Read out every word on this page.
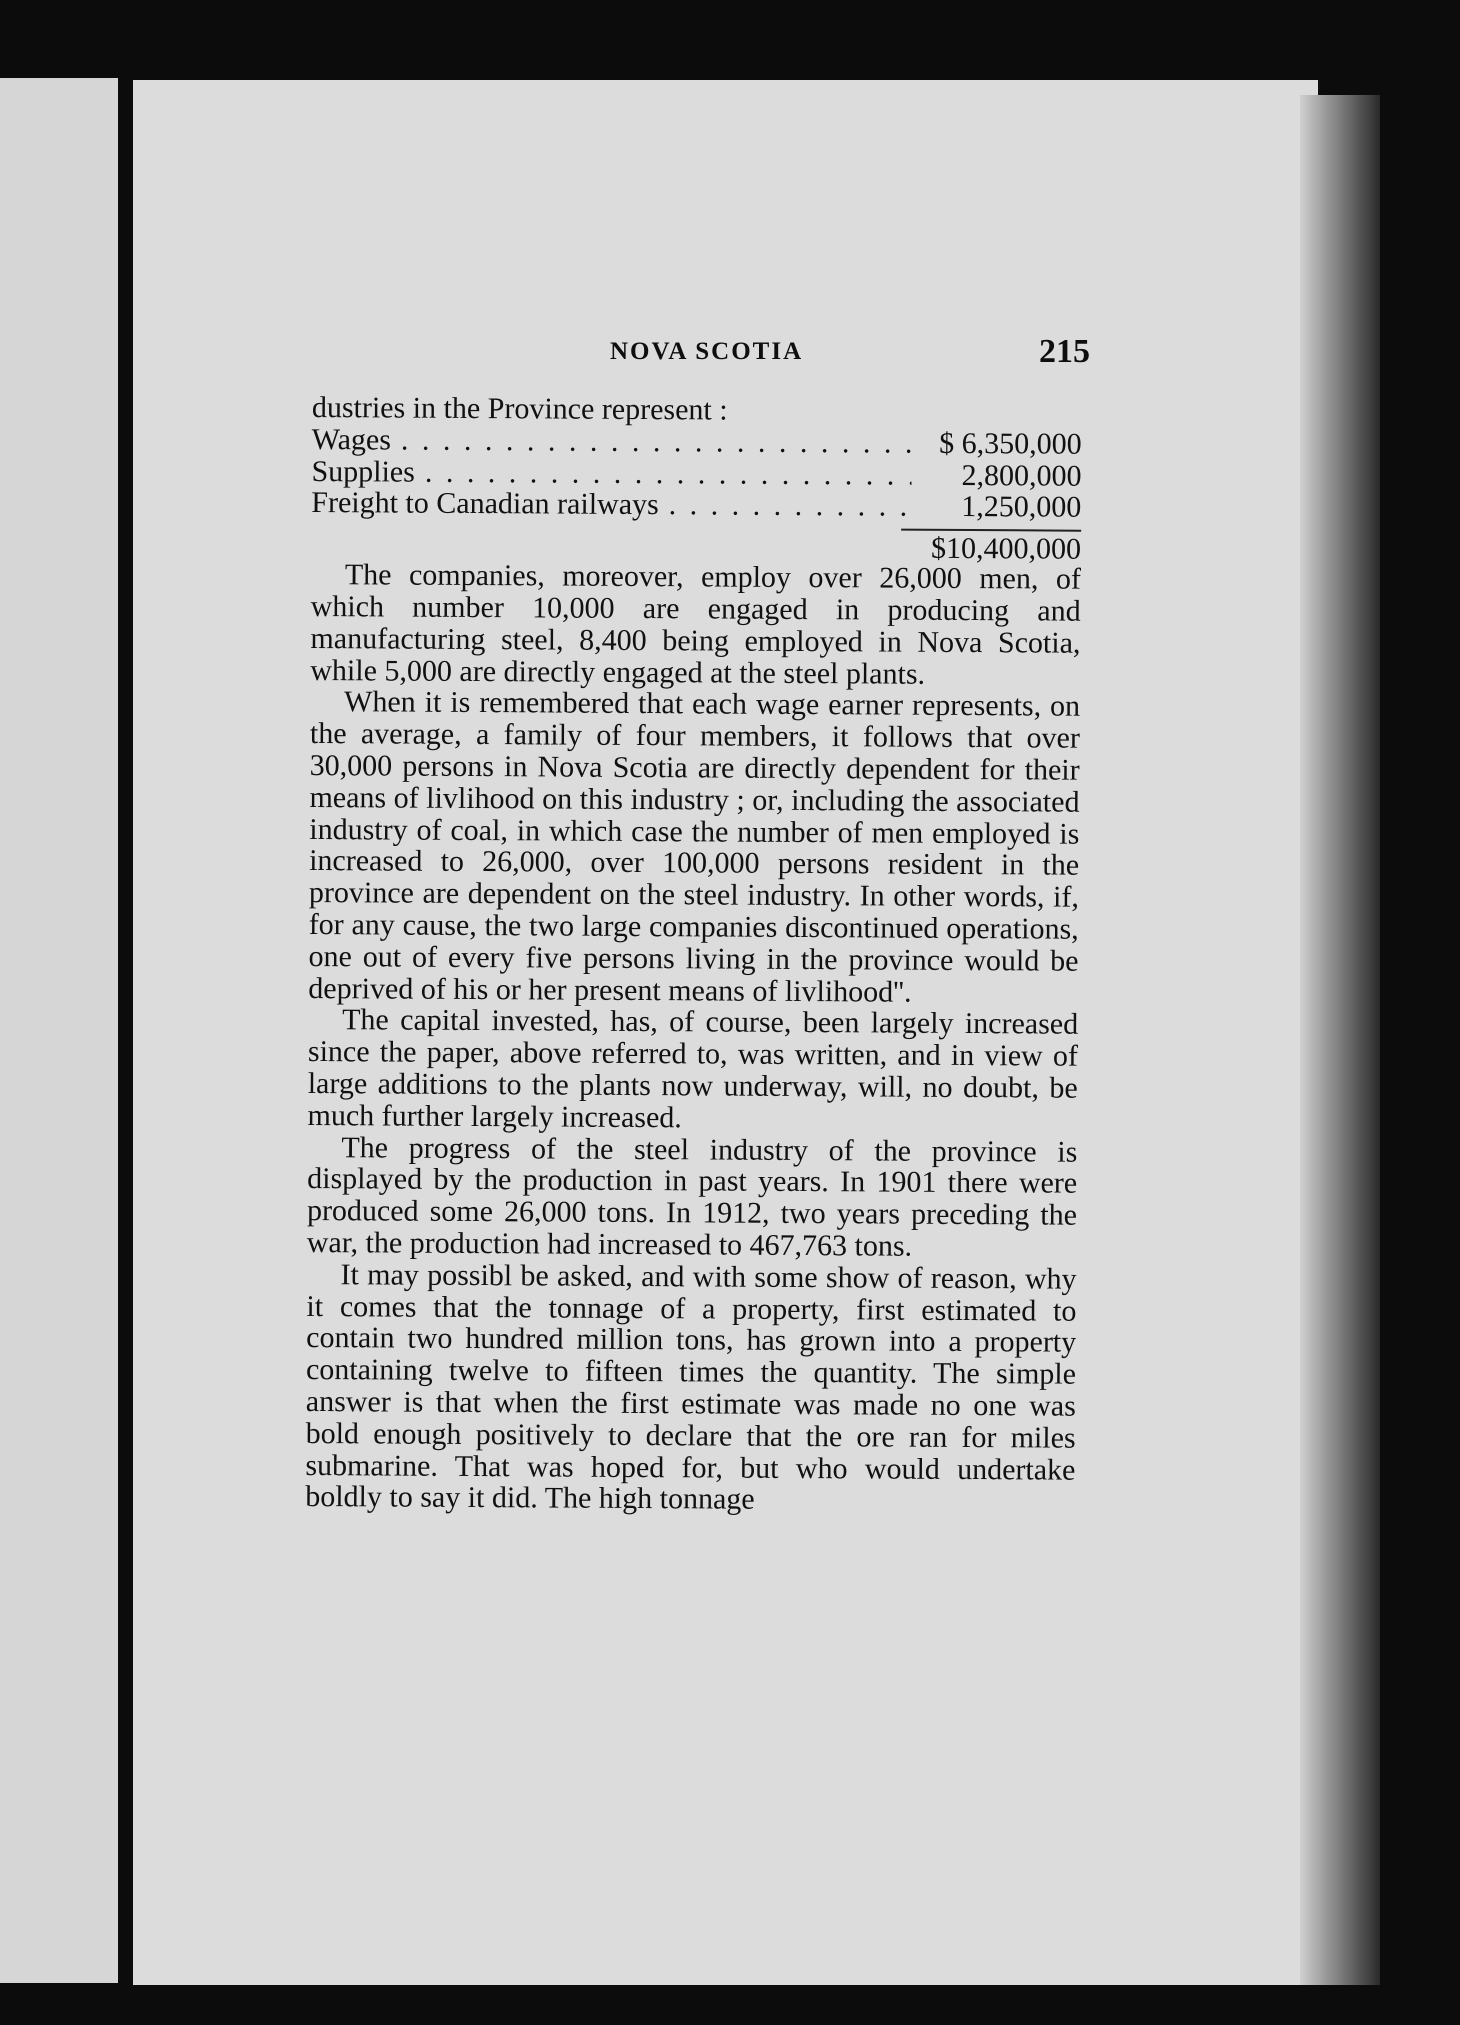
NOVA SCOTIA	215

dustries in the Province represent :

Wages . . .	$ 6,350,000
Supplies . . .	2,800,000
Freight to Canadian railways . . .	1,250,000
$10,400,000

The companies, moreover, employ over 26,000 men, of which number 10,000 are engaged in producing and manufacturing steel, 8,400 being employed in Nova Scotia, while 5,000 are directly engaged at the steel plants.

When it is remembered that each wage earner represents, on the average, a family of four members, it follows that over 30,000 persons in Nova Scotia are directly dependent for their means of livlihood on this industry ; or, including the associated industry of coal, in which case the number of men employed is increased to 26,000, over 100,000 persons resident in the province are dependent on the steel industry. In other words, if, for any cause, the two large companies discontinued operations, one out of every five persons living in the province would be deprived of his or her present means of livlihood''.

The capital invested, has, of course, been largely increased since the paper, above referred to, was written, and in view of large additions to the plants now underway, will, no doubt, be much further largely increased.

The progress of the steel industry of the province is displayed by the production in past years. In 1901 there were produced some 26,000 tons. In 1912, two years preceding the war, the production had increased to 467,763 tons.

It may possibl be asked, and with some show of reason, why it comes that the tonnage of a property, first estimated to contain two hundred million tons, has grown into a property containing twelve to fifteen times the quantity. The simple answer is that when the first estimate was made no one was bold enough positively to declare that the ore ran for miles submarine. That was hoped for, but who would undertake boldly to say it did. The high tonnage
